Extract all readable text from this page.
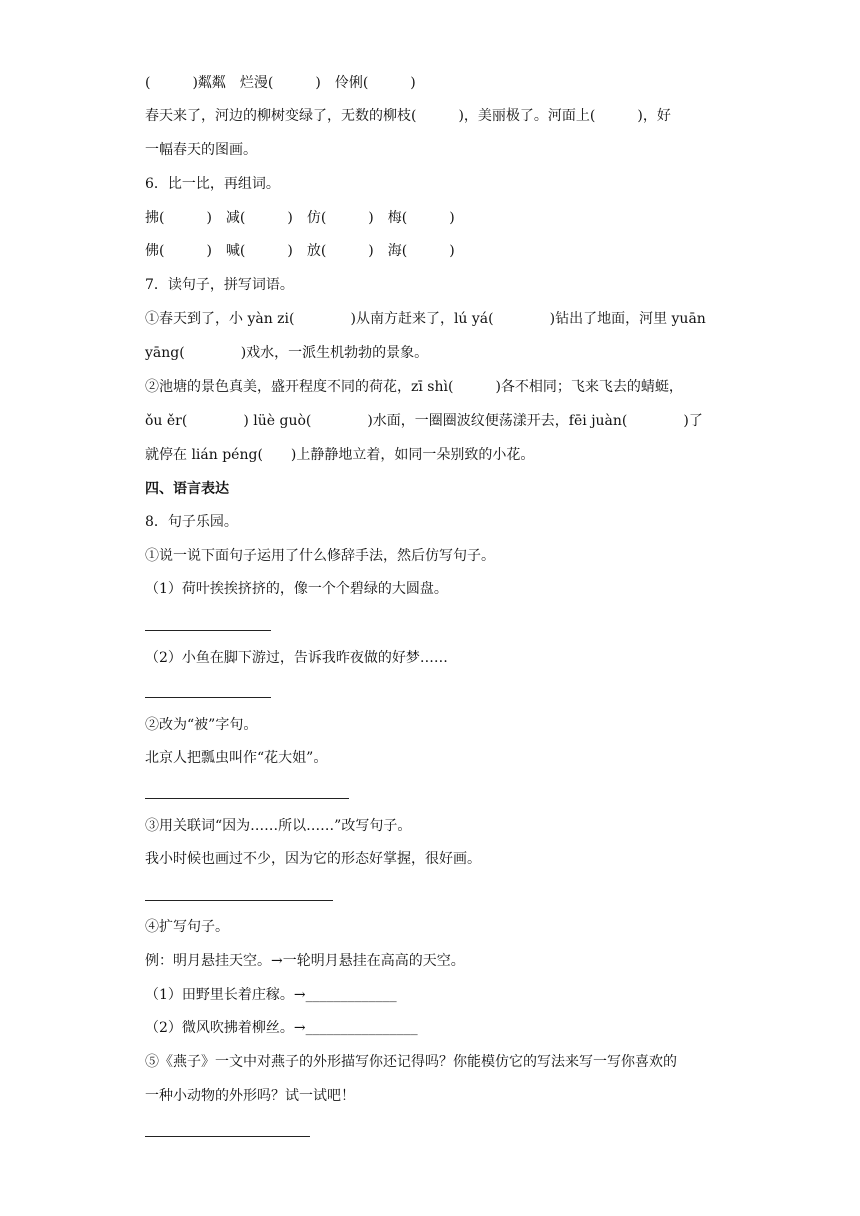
(　　　)粼粼　烂漫(　　　)　伶俐(　　　)
春天来了，河边的柳树变绿了，无数的柳枝(　　　)，美丽极了。河面上(　　　)，好
一幅春天的图画。
6．比一比，再组词。
拂(　　　)　减(　　　)　仿(　　　)　梅(　　　)
佛(　　　)　喊(　　　)　放(　　　)　海(　　　)
7．读句子，拼写词语。
①春天到了，小 yàn zi(　　　　)从南方赶来了，lú yá(　　　　)钻出了地面，河里 yuān
yāng(　　　　)戏水，一派生机勃勃的景象。
②池塘的景色真美，盛开程度不同的荷花，zī shì(　　　)各不相同；飞来飞去的蜻蜓，
ǒu ěr(　　　　) lüè guò(　　　　)水面，一圈圈波纹便荡漾开去，fēi juàn(　　　　)了
就停在 lián péng(　　)上静静地立着，如同一朵别致的小花。
四、语言表达
8．句子乐园。
①说一说下面句子运用了什么修辞手法，然后仿写句子。
（1）荷叶挨挨挤挤的，像一个个碧绿的大圆盘。
（2）小鱼在脚下游过，告诉我昨夜做的好梦……
②改为“被”字句。
北京人把瓢虫叫作“花大姐”。
③用关联词“因为……所以……”改写句子。
我小时候也画过不少，因为它的形态好掌握，很好画。
④扩写句子。
例：明月悬挂天空。→一轮明月悬挂在高高的天空。
（1）田野里长着庄稼。→_____________
（2）微风吹拂着柳丝。→________________
⑤《燕子》一文中对燕子的外形描写你还记得吗？你能模仿它的写法来写一写你喜欢的
一种小动物的外形吗？试一试吧！
